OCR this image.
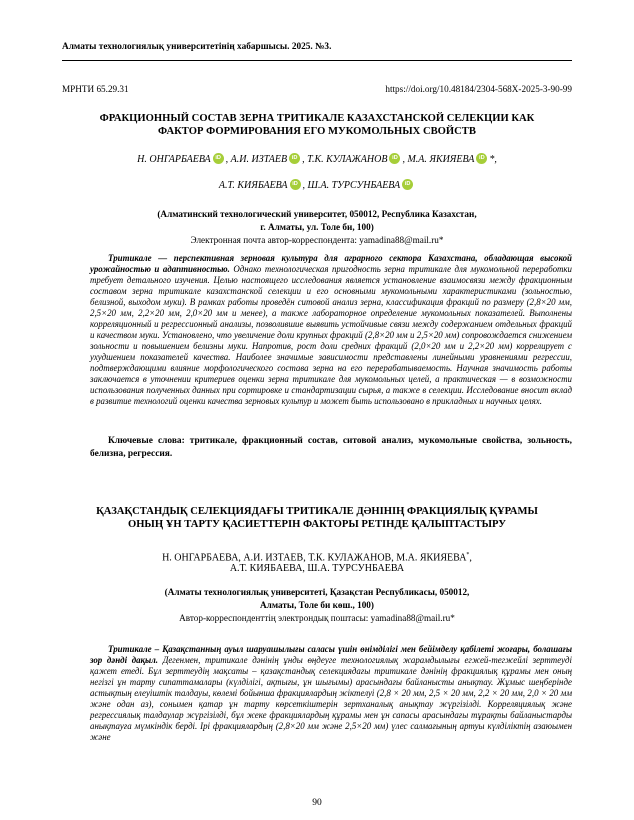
Алматы технологиялық университетінің хабаршысы. 2025. №3.
МРНТИ 65.29.31	https://doi.org/10.48184/2304-568X-2025-3-90-99
ФРАКЦИОННЫЙ СОСТАВ ЗЕРНА ТРИТИКАЛЕ КАЗАХСТАНСКОЙ СЕЛЕКЦИИ КАК
ФАКТОР ФОРМИРОВАНИЯ ЕГО МУКОМОЛЬНЫХ СВОЙСТВ
Н. ОНГАРБАЕВА iD , А.И. ИЗТАЕВ iD , Т.К. КУЛАЖАНОВ iD , М.А. ЯКИЯЕВА iD *,
А.Т. КИЯБАЕВА iD , Ш.А. ТУРСУНБАЕВА iD
(Алматинский технологический университет, 050012, Республика Казахстан,
г. Алматы, ул. Толе би, 100)
Электронная почта автор-корреспондента: yamadina88@mail.ru*
Тритикале — перспективная зерновая культура для аграрного сектора Казахстана, обладающая высокой урожайностью и адаптивностью. Однако технологическая пригодность зерна тритикале для мукомольной переработки требует детального изучения. Целью настоящего исследования является установление взаимосвязи между фракционным составом зерна тритикале казахстанской селекции и его основными мукомольными характеристиками (зольностью, белизной, выходом муки). В рамках работы проведён ситовой анализ зерна, классификация фракций по размеру (2,8×20 мм, 2,5×20 мм, 2,2×20 мм, 2,0×20 мм и менее), а также лабораторное определение мукомольных показателей. Выполнены корреляционный и регрессионный анализы, позволившие выявить устойчивые связи между содержанием отдельных фракций и качеством муки. Установлено, что увеличение доли крупных фракций (2,8×20 мм и 2,5×20 мм) сопровождается снижением зольности и повышением белизны муки. Напротив, рост доли средних фракций (2,0×20 мм и 2,2×20 мм) коррелирует с ухудшением показателей качества. Наиболее значимые зависимости представлены линейными уравнениями регрессии, подтверждающими влияние морфологического состава зерна на его перерабатываемость. Научная значимость работы заключается в уточнении критериев оценки зерна тритикале для мукомольных целей, а практическая — в возможности использования полученных данных при сортировке и стандартизации сырья, а также в селекции. Исследование вносит вклад в развитие технологий оценки качества зерновых культур и может быть использовано в прикладных и научных целях.
Ключевые слова: тритикале, фракционный состав, ситовой анализ, мукомольные свойства, зольность, белизна, регрессия.
ҚАЗАҚСТАНДЫҚ СЕЛЕКЦИЯДАҒЫ ТРИТИКАЛЕ ДӘНІНІҢ ФРАКЦИЯЛЫҚ ҚҰРАМЫ
ОНЫҢ ҰН ТАРТУ ҚАСИЕТТЕРІН ФАКТОРЫ РЕТІНДЕ ҚАЛЫПТАСТЫРУ
Н. ОНГАРБАЕВА, А.И. ИЗТАЕВ, Т.К. КУЛАЖАНОВ, М.А. ЯКИЯЕВА*,
А.Т. КИЯБАЕВА, Ш.А. ТУРСУНБАЕВА
(Алматы технологиялық университеті, Қазақстан Республикасы, 050012,
Алматы, Толе би көш., 100)
Автор-корреспонденттің электрондық поштасы: yamadina88@mail.ru*
Тритикале – Қазақстанның ауыл шаруашылығы саласы үшін өнімділігі мен бейімделу қабілеті жоғары, болашағы зор дәнді дақыл. Дегенмен, тритикале дәнінің ұнды өңдеуге технологиялық жарамдылығы егжей-тегжейлі зерттеуді қажет етеді. Бұл зерттеудің мақсаты – қазақстандық селекциядағы тритикале дәнінің фракциялық құрамы мен оның негізгі ұн тарту сипаттамалары (күлділігі, ақтығы, ұн шығымы) арасындағы байланысты анықтау. Жұмыс шеңберінде астықтың елеуіштік талдауы, көлемі бойынша фракциялардың жіктелуі (2,8 × 20 мм, 2,5 × 20 мм, 2,2 × 20 мм, 2,0 × 20 мм және одан аз), сонымен қатар ұн тарту көрсеткіштерін зертханалық анықтау жүргізілді. Корреляциялық және регрессиялық талдаулар жүргізілді, бұл жеке фракциялардың құрамы мен ұн сапасы арасындағы тұрақты байланыстарды анықтауға мүмкіндік берді. Ірі фракциялардың (2,8×20 мм және 2,5×20 мм) үлес салмағының артуы күлділіктің азаюымен және
90
